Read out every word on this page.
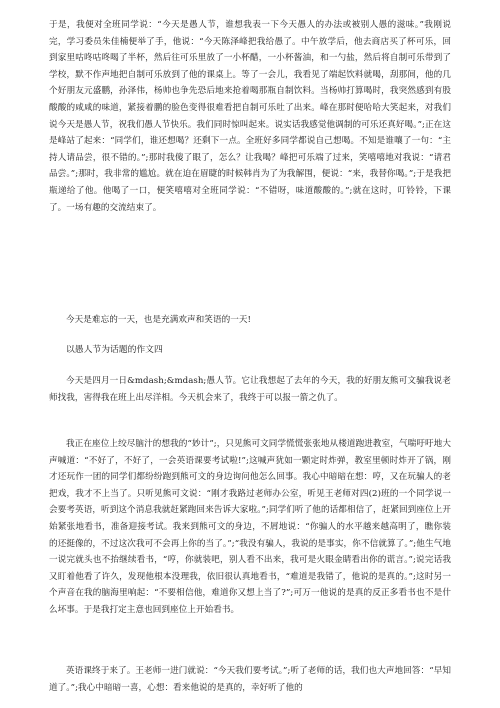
于是，我便对全班同学说：“今天是愚人节，谁想我表一下今天愚人的办法或被别人愚的滋味。”我刚说完，学习委员朱佳楠便举了手，他说：“今天陈泽峰把我给愚了。中午放学后，他去商店买了杯可乐，回到家里咕咚咕咚喝了半杯，然后往可乐里放了一小杯醋，一小杯酱油，和一勺盐，然后将自制可乐带到了学校，默不作声地把自制可乐放到了他的课桌上。等了一会儿，我看见了端起饮料就喝，刮那间，他的几个好朋友元盛鹏，孙泽伟，杨帅也争先恐后地来抢着喝那瓶自制饮料。当杨帅打算喝时，我突然感到有股酸酸的咸咸的味道，紧接着鹏的脸色变得很难看把自制可乐吐了出来。峰在那时便哈哈大笑起来，对我们说今天是愚人节，祝我们愚人节快乐。我们同时惊叫起来。说实话我感觉他调制的可乐还真好喝。”;正在这是峰站了起来：“同学们，谁还想喝？还剩下一点。全班好多同学都说自己想喝。不知是谁嚷了一句：“主持人请品尝，很不错的。”;那时我傻了眼了，怎么？让我喝？峰把可乐端了过来，笑嘻嘻地对我说：“请君品尝。”;那时，我非常的尴尬。就在迫在眉睫的时候韩肖为了为我解围，便说：“来，我替你喝。”;于是我把瓶递给了他。他喝了一口，便笑嘻嘻对全班同学说：“不错呀，味道酸酸的。”;就在这时，叮铃铃，下课了。一场有趣的交流结束了。

今天是难忘的一天，也是充满欢声和笑语的一天!

以愚人节为话题的作文四

今天是四月一日&mdash;&mdash;愚人节。它让我想起了去年的今天，我的好朋友熊可文骗我说老师找我，害得我在班上出尽洋相。今天机会来了，我终于可以报一箭之仇了。

我正在座位上绞尽脑汁的想我的“妙计”;，只见熊可文同学慌慌张张地从楼道跑进教室，气喘吁吁地大声喊道：“不好了，不好了，一会英语课要考试啦!”;这喊声犹如一颗定时炸弹，教室里顿时炸开了锅，刚才还玩作一团的同学们都纷纷跑到熊可文的身边询问他怎么回事。我心中暗暗在想：哼，又在玩骗人的老把戏，我才不上当了。只听见熊可文说：“刚才我路过老师办公室，听见王老师对四(2)班的一个同学说一会要考英语，听到这个消息我就赶紧跑回来告诉大家啦。”;同学们听了他的话都相信了，赶紧回到座位上开始紧张地看书，准备迎接考试。我来到熊可文的身边，不屑地说：“你骗人的水平越来越高明了，瞧你装的还挺像的，不过这次我可不会再上你的当了。”;“我没有骗人，我说的是事实，你不信就算了。”;他生气地一说完就头也不抬继续看书，“哼，你就装吧，别人看不出来，我可是火眼金睛看出你的谎言。”;说完话我又盯着他看了许久，发现他根本没理我，依旧很认真地看书，“难道是我错了，他说的是真的。”;这时另一个声音在我的脑海里响起：“不要相信他，难道你又想上当了?”;可万一他说的是真的反正多看书也不是什么坏事。于是我打定主意也回到座位上开始看书。

英语课终于来了。王老师一进门就说：“今天我们要考试。”;听了老师的话，我们也大声地回答：“早知道了。”;我心中暗暗一喜，心想：看来他说的是真的，幸好听了他的
